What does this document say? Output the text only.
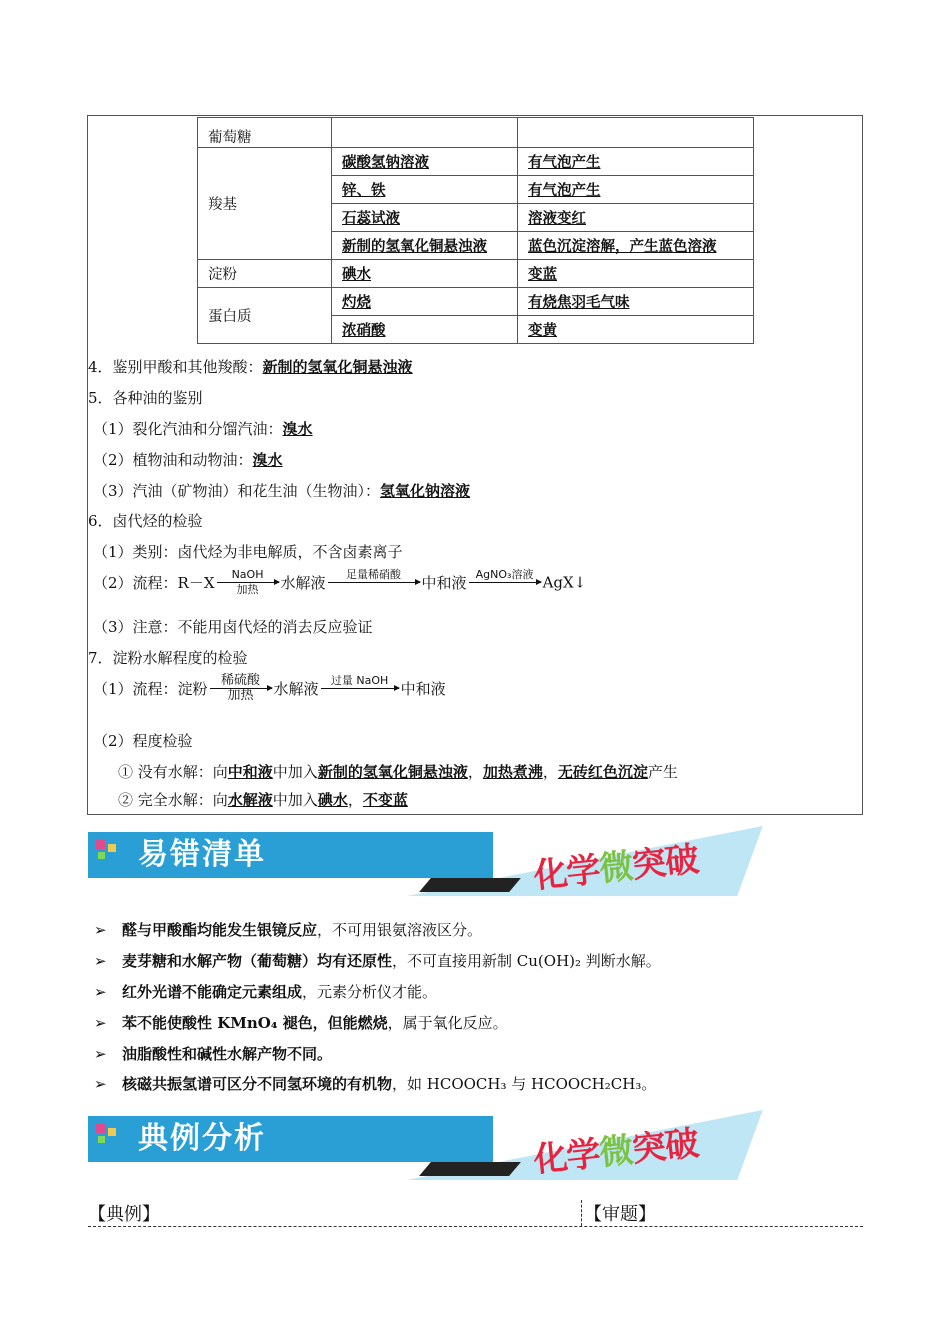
葡萄糖		
羧基	碳酸氢钠溶液	有气泡产生
	锌、铁	有气泡产生
	石蕊试液	溶液变红
	新制的氢氧化铜悬浊液	蓝色沉淀溶解，产生蓝色溶液
淀粉	碘水	变蓝
蛋白质	灼烧	有烧焦羽毛气味
	浓硝酸	变黄
4．鉴别甲酸和其他羧酸：新制的氢氧化铜悬浊液
5．各种油的鉴别
（1）裂化汽油和分馏汽油：溴水
（2）植物油和动物油：溴水
（3）汽油（矿物油）和花生油（生物油）：氢氧化钠溶液
6．卤代烃的检验
（1）类别：卤代烃为非电解质，不含卤素离子
（2）流程：R－X	NaOH
加热	水解液	足量稀硝酸	中和液 AgNO₃溶液 AgX↓
（3）注意：不能用卤代烃的消去反应验证
7．淀粉水解程度的检验
（1）流程：淀粉	稀硫酸
加热	水解液	过量 NaOH 中和液
（2）程度检验
① 没有水解：向中和液中加入新制的氢氧化铜悬浊液，加热煮沸，无砖红色沉淀产生
② 完全水解：向水解液中加入碘水，不变蓝
易错清单	chemistry
化学微突破
➢ 醛与甲酸酯均能发生银镜反应，不可用银氨溶液区分。
➢ 麦芽糖和水解产物（葡萄糖）均有还原性，不可直接用新制 Cu(OH)₂ 判断水解。
➢ 红外光谱不能确定元素组成，元素分析仪才能。
➢ 苯不能使酸性 KMnO₄ 褪色，但能燃烧，属于氧化反应。
➢ 油脂酸性和碱性水解产物不同。
➢ 核磁共振氢谱可区分不同氢环境的有机物，如 HCOOCH₃ 与 HCOOCH₂CH₃。
典例分析	chemistry
化学微突破
【典例】	【审题】
